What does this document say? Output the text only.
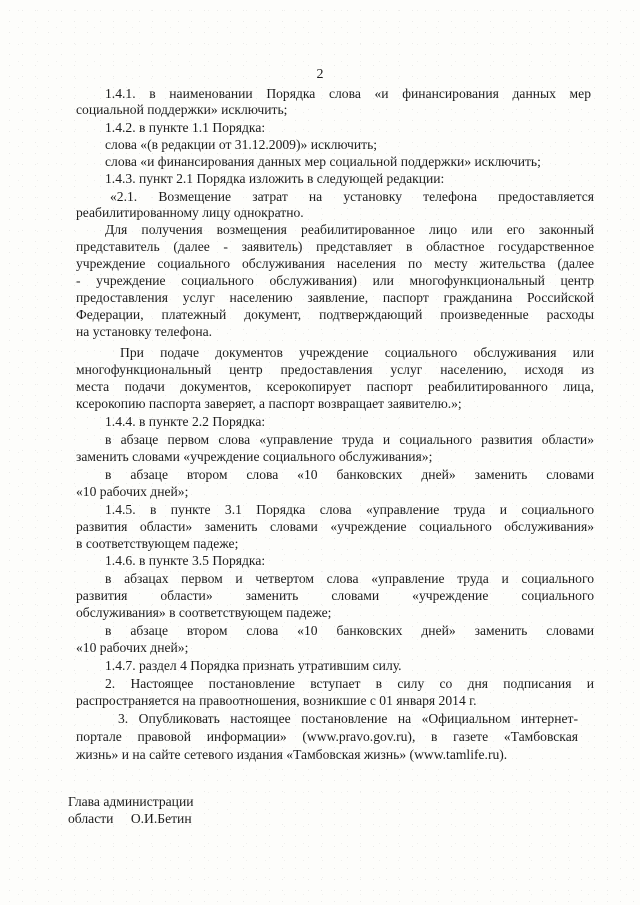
2
1.4.1. в наименовании Порядка слова «и финансирования данных мер
социальной поддержки» исключить;
1.4.2. в пункте 1.1 Порядка:
слова «(в редакции от 31.12.2009)» исключить;
слова «и финансирования данных мер социальной поддержки» исключить;
1.4.3. пункт 2.1 Порядка изложить в следующей редакции:
«2.1. Возмещение затрат на установку телефона предоставляется
реабилитированному лицу однократно.
Для получения возмещения реабилитированное лицо или его законный
представитель (далее - заявитель) представляет в областное государственное
учреждение социального обслуживания населения по месту жительства (далее
- учреждение социального обслуживания) или многофункциональный центр
предоставления услуг населению заявление, паспорт гражданина Российской
Федерации, платежный документ, подтверждающий произведенные расходы
на установку телефона.
При подаче документов учреждение социального обслуживания или
многофункциональный центр предоставления услуг населению, исходя из
места подачи документов, ксерокопирует паспорт реабилитированного лица,
ксерокопию паспорта заверяет, а паспорт возвращает заявителю.»;
1.4.4. в пункте 2.2 Порядка:
в абзаце первом слова «управление труда и социального развития области»
заменить словами «учреждение социального обслуживания»;
в абзаце втором слова «10 банковских дней» заменить словами
«10 рабочих дней»;
1.4.5. в пункте 3.1 Порядка слова «управление труда и социального
развития области» заменить словами «учреждение социального обслуживания»
в соответствующем падеже;
1.4.6. в пункте 3.5 Порядка:
в абзацах первом и четвертом слова «управление труда и социального
развития области» заменить словами «учреждение социального
обслуживания» в соответствующем падеже;
в абзаце втором слова «10 банковских дней» заменить словами
«10 рабочих дней»;
1.4.7. раздел 4 Порядка признать утратившим силу.
2. Настоящее постановление вступает в силу со дня подписания и
распространяется на правоотношения, возникшие с 01 января 2014 г.
3. Опубликовать настоящее постановление на «Официальном интернет-
портале правовой информации» (www.pravo.gov.ru), в газете «Тамбовская
жизнь» и на сайте сетевого издания «Тамбовская жизнь» (www.tamlife.ru).
Глава администрации
области О.И.Бетин
